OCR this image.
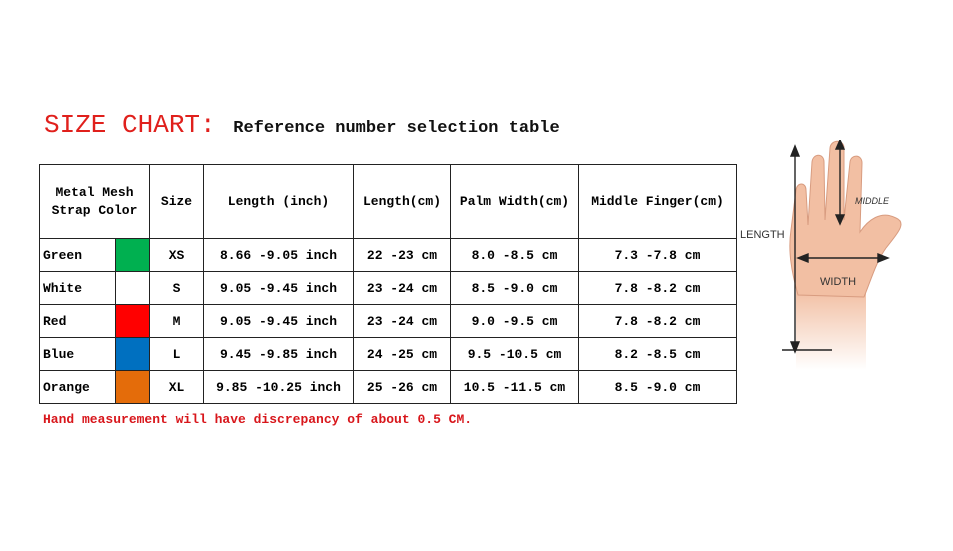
SIZE CHART: Reference number selection table
Metal Mesh
Strap Color		Size	Length (inch)	Length(cm)	Palm Width(cm)	Middle Finger(cm)
Green		XS	8.66 -9.05 inch	22 -23 cm	8.0 -8.5 cm	7.3 -7.8 cm
White		S	9.05 -9.45 inch	23 -24 cm	8.5 -9.0 cm	7.8 -8.2 cm
Red		M	9.05 -9.45 inch	23 -24 cm	9.0 -9.5 cm	7.8 -8.2 cm
Blue		L	9.45 -9.85 inch	24 -25 cm	9.5 -10.5 cm	8.2 -8.5 cm
Orange		XL	9.85 -10.25 inch	25 -26 cm	10.5 -11.5 cm	8.5 -9.0 cm
Hand measurement will have discrepancy of about 0.5 CM.
LENGTH
WIDTH
MIDDLE
